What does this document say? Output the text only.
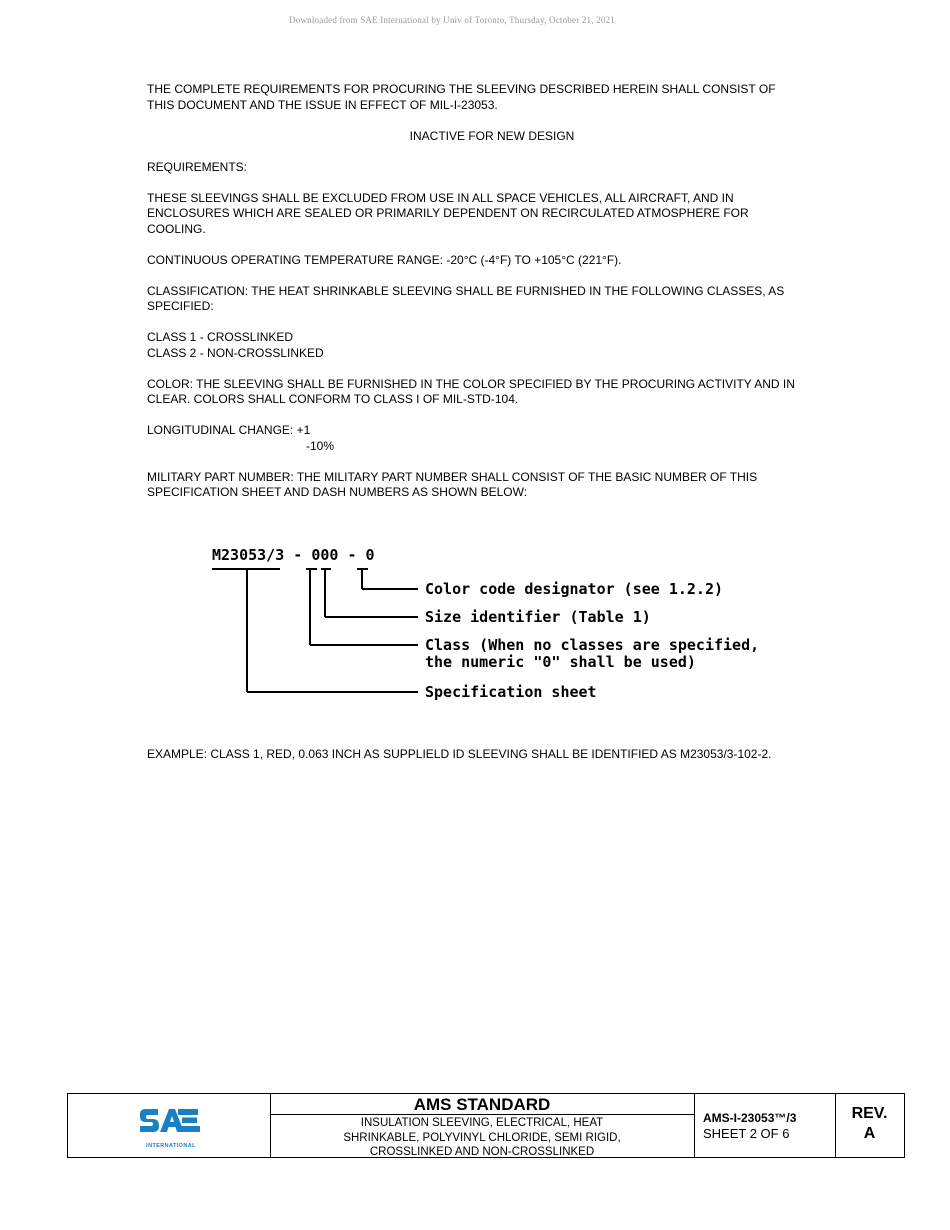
Downloaded from SAE International by Univ of Toronto, Thursday, October 21, 2021

THE COMPLETE REQUIREMENTS FOR PROCURING THE SLEEVING DESCRIBED HEREIN SHALL CONSIST OF

THIS DOCUMENT AND THE ISSUE IN EFFECT OF MIL-I-23053.

INACTIVE FOR NEW DESIGN

REQUIREMENTS:

THESE SLEEVINGS SHALL BE EXCLUDED FROM USE IN ALL SPACE VEHICLES, ALL AIRCRAFT, AND IN

ENCLOSURES WHICH ARE SEALED OR PRIMARILY DEPENDENT ON RECIRCULATED ATMOSPHERE FOR

COOLING.

CONTINUOUS OPERATING TEMPERATURE RANGE: -20°C (-4°F) TO +105°C (221°F).

CLASSIFICATION: THE HEAT SHRINKABLE SLEEVING SHALL BE FURNISHED IN THE FOLLOWING CLASSES, AS

SPECIFIED:

CLASS 1 - CROSSLINKED

CLASS 2 - NON-CROSSLINKED

COLOR: THE SLEEVING SHALL BE FURNISHED IN THE COLOR SPECIFIED BY THE PROCURING ACTIVITY AND IN

CLEAR. COLORS SHALL CONFORM TO CLASS I OF MIL-STD-104.

LONGITUDINAL CHANGE: +1

-10%

MILITARY PART NUMBER: THE MILITARY PART NUMBER SHALL CONSIST OF THE BASIC NUMBER OF THIS

SPECIFICATION SHEET AND DASH NUMBERS AS SHOWN BELOW:

M23053/3 - 000 - 0
Color code designator (see 1.2.2)
Size identifier (Table 1)
Class (When no classes are specified,
the numeric "0" shall be used)
Specification sheet
EXAMPLE: CLASS 1, RED, 0.063 INCH AS SUPPLIELD ID SLEEVING SHALL BE IDENTIFIED AS M23053/3-102-2.
INTERNATIONAL
AMS STANDARD
INSULATION SLEEVING, ELECTRICAL, HEAT
SHRINKABLE, POLYVINYL CHLORIDE, SEMI RIGID,
CROSSLINKED AND NON-CROSSLINKED
AMS-I-23053™/3
SHEET 2 OF 6
REV.
A
